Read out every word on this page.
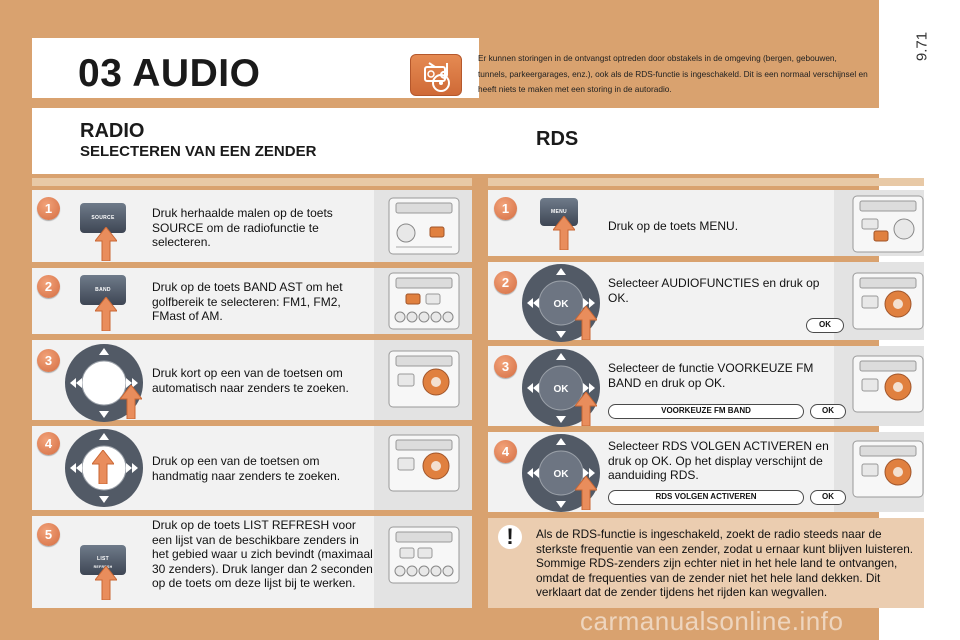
9.71
03 AUDIO	Er kunnen storingen in de ontvangst optreden door obstakels in de omgeving (bergen, gebouwen, tunnels, parkeergarages, enz.), ook als de RDS-functie is ingeschakeld. Dit is een normaal verschijnsel en heeft niets te maken met een storing in de autoradio.
RADIO
SELECTEREN VAN EEN ZENDER
RDS
1
SOURCE	Druk herhaalde malen op de toets SOURCE om de radiofunctie te selecteren.
2	BAND	Druk op de toets BAND AST om het golfbereik te selecteren: FM1, FM2, FMast of AM.
3
Druk kort op een van de toetsen om automatisch naar zenders te zoeken.
4
Druk op een van de toetsen om handmatig naar zenders te zoeken.
5
LIST
REFRESH
Druk op de toets LIST REFRESH voor een lijst van de beschikbare zenders in het gebied waar u zich bevindt (maximaal 30 zenders). Druk langer dan 2 seconden op de toets om deze lijst bij te werken.
1	MENU
Druk op de toets MENU.
2
OK
Selecteer AUDIOFUNCTIES en druk op OK.
OK
3
OK
Selecteer de functie VOORKEUZE FM BAND en druk op OK.
VOORKEUZE FM BAND	OK
4
OK
Selecteer RDS VOLGEN ACTIVEREN en druk op OK. Op het display verschijnt de aanduiding RDS.
RDS VOLGEN ACTIVEREN	OK
!	Als de RDS-functie is ingeschakeld, zoekt de radio steeds naar de sterkste frequentie van een zender, zodat u ernaar kunt blijven luisteren. Sommige RDS-zenders zijn echter niet in het hele land te ontvangen, omdat de frequenties van de zender niet het hele land dekken. Dit verklaart dat de zender tijdens het rijden kan wegvallen.
carmanualsonline.info
